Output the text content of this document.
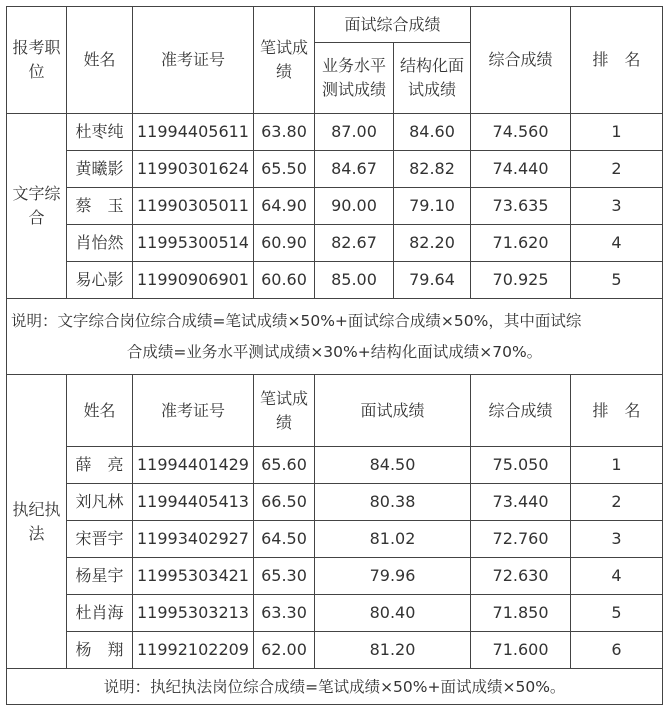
报考职位	姓名	准考证号	笔试成绩	面试综合成绩		综合成绩	排　名

				业务水平测试成绩	结构化面试成绩		

文字综合	杜枣纯	11994405611	63.80	87.00	84.60	74.560	1
	黄曦影	11990301624	65.50	84.67	82.82	74.440	2
	蔡　玉	11990305011	64.90	90.00	79.10	73.635	3
	肖怡然	11995300514	60.90	82.67	82.20	71.620	4
	易心影	11990906901	60.60	85.00	79.64	70.925	5

说明：文字综合岗位综合成绩=笔试成绩×50%+面试综合成绩×50%，其中面试综
合成绩=业务水平测试成绩×30%+结构化面试成绩×70%。							

执纪执法	姓名	准考证号	笔试成绩	面试成绩		综合成绩	排　名
	薛　亮	11994401429	65.60	84.50		75.050	1
	刘凡林	11994405413	66.50	80.38		73.440	2
	宋晋宇	11993402927	64.50	81.02		72.760	3
	杨星宇	11995303421	65.30	79.96		72.630	4
	杜肖海	11995303213	63.30	80.40		71.850	5
	杨　翔	11992102209	62.00	81.20		71.600	6
说明：执纪执法岗位综合成绩=笔试成绩×50%+面试成绩×50%。							
